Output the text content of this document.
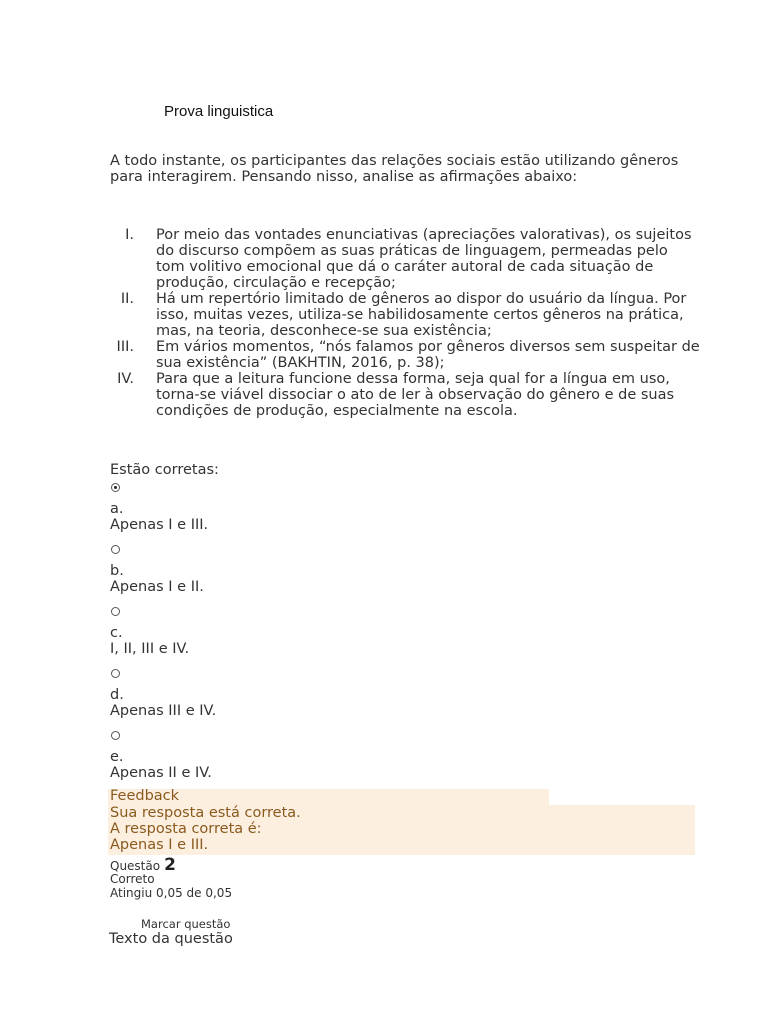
Prova linguistica
A todo instante, os participantes das relações sociais estão utilizando gêneros para interagirem. Pensando nisso, analise as afirmações abaixo:
I. Por meio das vontades enunciativas (apreciações valorativas), os sujeitos do discurso compõem as suas práticas de linguagem, permeadas pelo tom volitivo emocional que dá o caráter autoral de cada situação de produção, circulação e recepção;
II. Há um repertório limitado de gêneros ao dispor do usuário da língua. Por isso, muitas vezes, utiliza-se habilidosamente certos gêneros na prática, mas, na teoria, desconhece-se sua existência;
III. Em vários momentos, “nós falamos por gêneros diversos sem suspeitar de sua existência” (BAKHTIN, 2016, p. 38);
IV. Para que a leitura funcione dessa forma, seja qual for a língua em uso, torna-se viável dissociar o ato de ler à observação do gênero e de suas condições de produção, especialmente na escola.
Estão corretas:
a.
Apenas I e III.
b.
Apenas I e II.
c.
I, II, III e IV.
d.
Apenas III e IV.
e.
Apenas II e IV.
Feedback
Sua resposta está correta.
A resposta correta é:
Apenas I e III.
Questão 2
Correto
Atingiu 0,05 de 0,05
Marcar questão
Texto da questão
